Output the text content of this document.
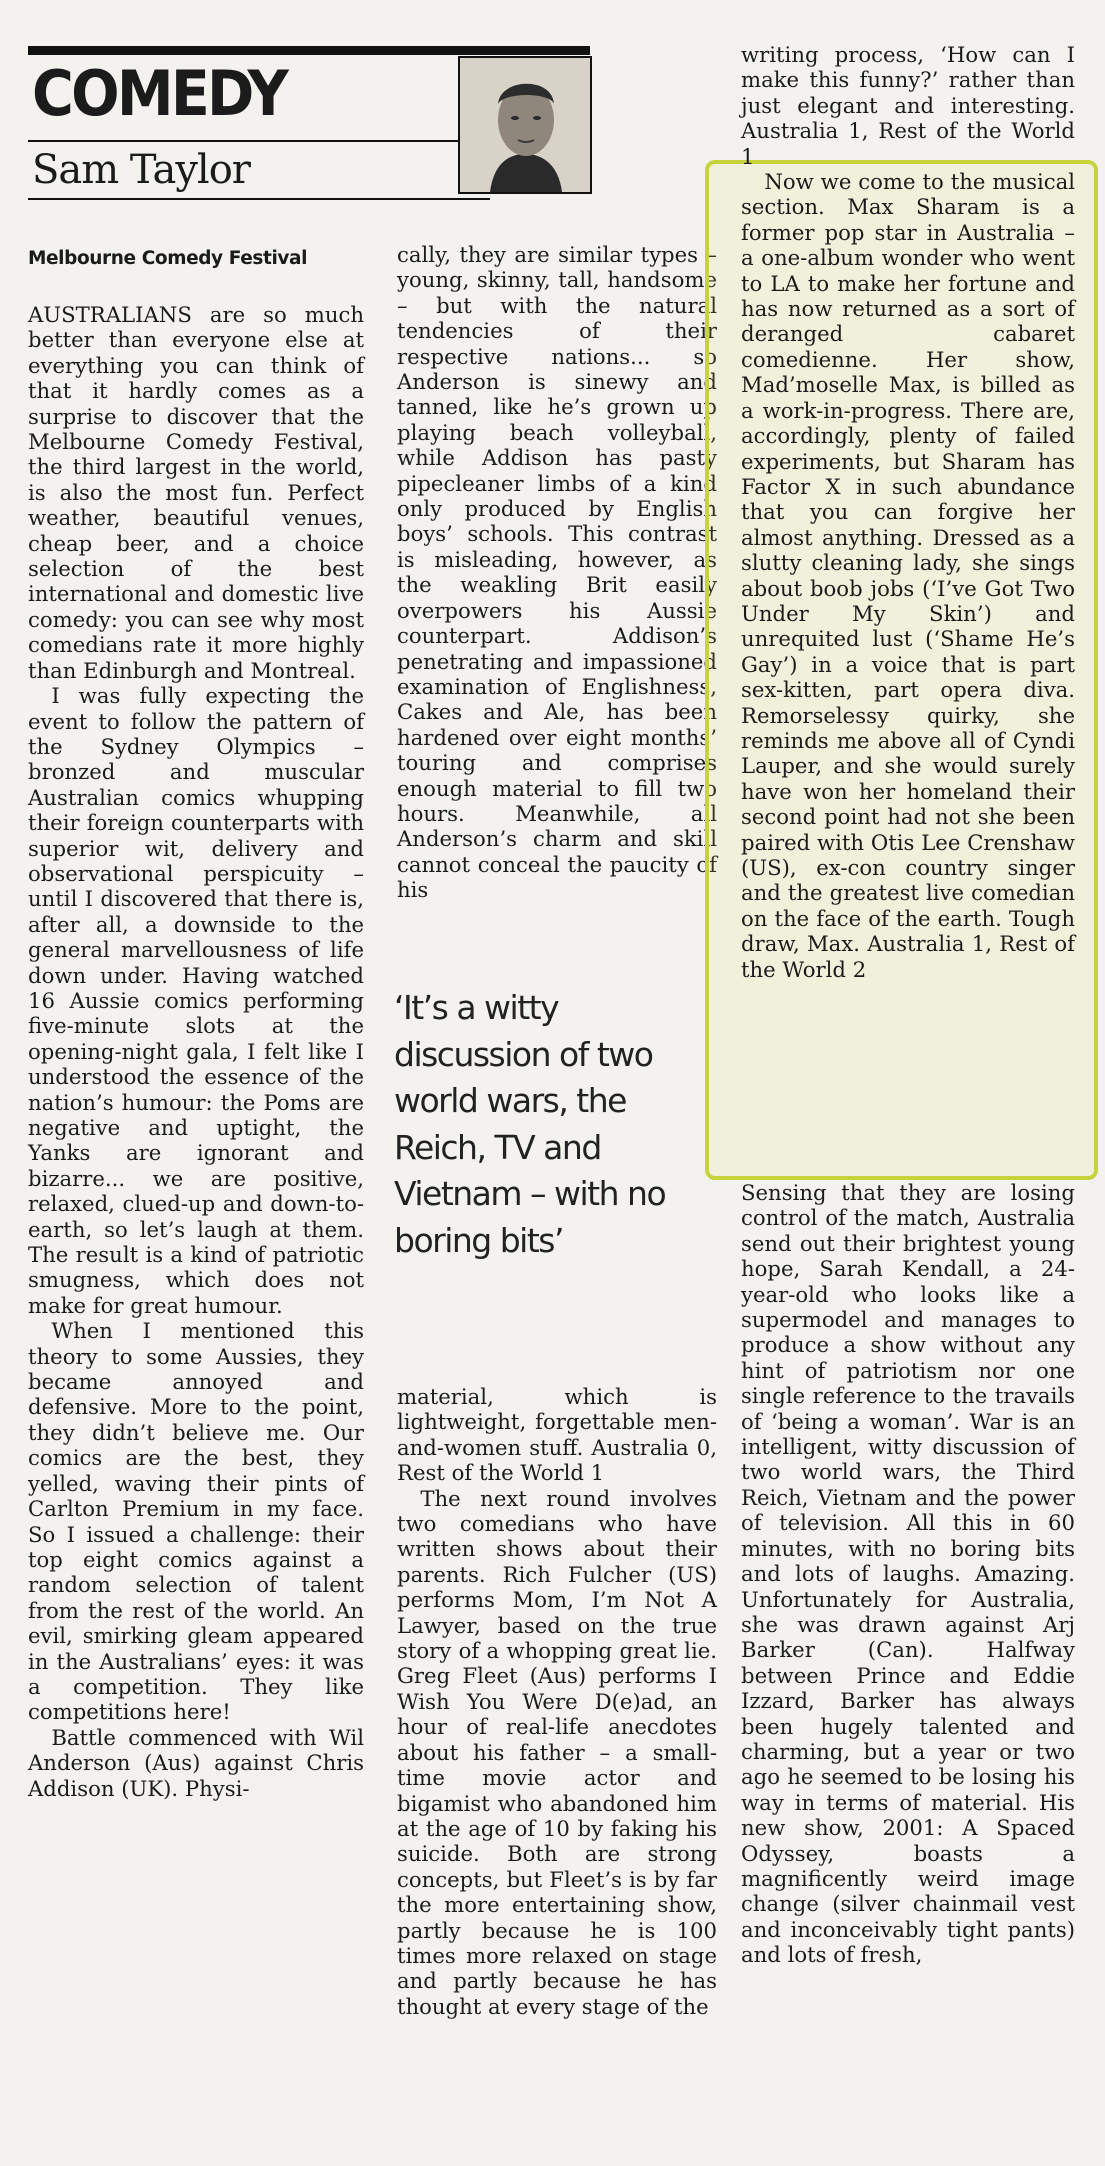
COMEDY
Sam Taylor
Melbourne Comedy Festival

AUSTRALIANS are so much better than everyone else at everything you can think of that it hardly comes as a surprise to discover that the Melbourne Comedy Festival, the third largest in the world, is also the most fun. Perfect weather, beautiful venues, cheap beer, and a choice selection of the best international and domestic live comedy: you can see why most comedians rate it more highly than Edinburgh and Montreal.

I was fully expecting the event to follow the pattern of the Sydney Olympics – bronzed and muscular Australian comics whupping their foreign counterparts with superior wit, delivery and observational perspicuity – until I discovered that there is, after all, a downside to the general marvellousness of life down under. Having watched 16 Aussie comics performing five-minute slots at the opening-night gala, I felt like I understood the essence of the nation’s humour: the Poms are negative and uptight, the Yanks are ignorant and bizarre... we are positive, relaxed, clued-up and down-to-earth, so let’s laugh at them. The result is a kind of patriotic smugness, which does not make for great humour.

When I mentioned this theory to some Aussies, they became annoyed and defensive. More to the point, they didn’t believe me. Our comics are the best, they yelled, waving their pints of Carlton Premium in my face. So I issued a challenge: their top eight comics against a random selection of talent from the rest of the world. An evil, smirking gleam appeared in the Australians’ eyes: it was a competition. They like competitions here!

Battle commenced with Wil Anderson (Aus) against Chris Addison (UK). Physi-

cally, they are similar types – young, skinny, tall, handsome – but with the natural tendencies of their respective nations... so Anderson is sinewy and tanned, like he’s grown up playing beach volleyball, while Addison has pasty pipecleaner limbs of a kind only produced by English boys’ schools. This contrast is misleading, however, as the weakling Brit easily overpowers his Aussie counterpart. Addison’s penetrating and impassioned examination of Englishness, Cakes and Ale, has been hardened over eight months’ touring and comprises enough material to fill two hours. Meanwhile, all Anderson’s charm and skill cannot conceal the paucity of his

‘It’s a witty discussion of two world wars, the Reich, TV and Vietnam – with no boring bits’

material, which is lightweight, forgettable men-and-women stuff. Australia 0, Rest of the World 1

The next round involves two comedians who have written shows about their parents. Rich Fulcher (US) performs Mom, I’m Not A Lawyer, based on the true story of a whopping great lie. Greg Fleet (Aus) performs I Wish You Were D(e)ad, an hour of real-life anecdotes about his father – a small-time movie actor and bigamist who abandoned him at the age of 10 by faking his suicide. Both are strong concepts, but Fleet’s is by far the more entertaining show, partly because he is 100 times more relaxed on stage and partly because he has thought at every stage of the

writing process, ‘How can I make this funny?’ rather than just elegant and interesting. Australia 1, Rest of the World 1

Now we come to the musical section. Max Sharam is a former pop star in Australia – a one-album wonder who went to LA to make her fortune and has now returned as a sort of deranged cabaret comedienne. Her show, Mad’moselle Max, is billed as a work-in-progress. There are, accordingly, plenty of failed experiments, but Sharam has Factor X in such abundance that you can forgive her almost anything. Dressed as a slutty cleaning lady, she sings about boob jobs (‘I’ve Got Two Under My Skin’) and unrequited lust (‘Shame He’s Gay’) in a voice that is part sex-kitten, part opera diva. Remorselessy quirky, she reminds me above all of Cyndi Lauper, and she would surely have won her homeland their second point had not she been paired with Otis Lee Crenshaw (US), ex-con country singer and the greatest live comedian on the face of the earth. Tough draw, Max. Australia 1, Rest of the World 2

Sensing that they are losing control of the match, Australia send out their brightest young hope, Sarah Kendall, a 24-year-old who looks like a supermodel and manages to produce a show without any hint of patriotism nor one single reference to the travails of ‘being a woman’. War is an intelligent, witty discussion of two world wars, the Third Reich, Vietnam and the power of television. All this in 60 minutes, with no boring bits and lots of laughs. Amazing. Unfortunately for Australia, she was drawn against Arj Barker (Can). Halfway between Prince and Eddie Izzard, Barker has always been hugely talented and charming, but a year or two ago he seemed to be losing his way in terms of material. His new show, 2001: A Spaced Odyssey, boasts a magnificently weird image change (silver chainmail vest and inconceivably tight pants) and lots of fresh,
